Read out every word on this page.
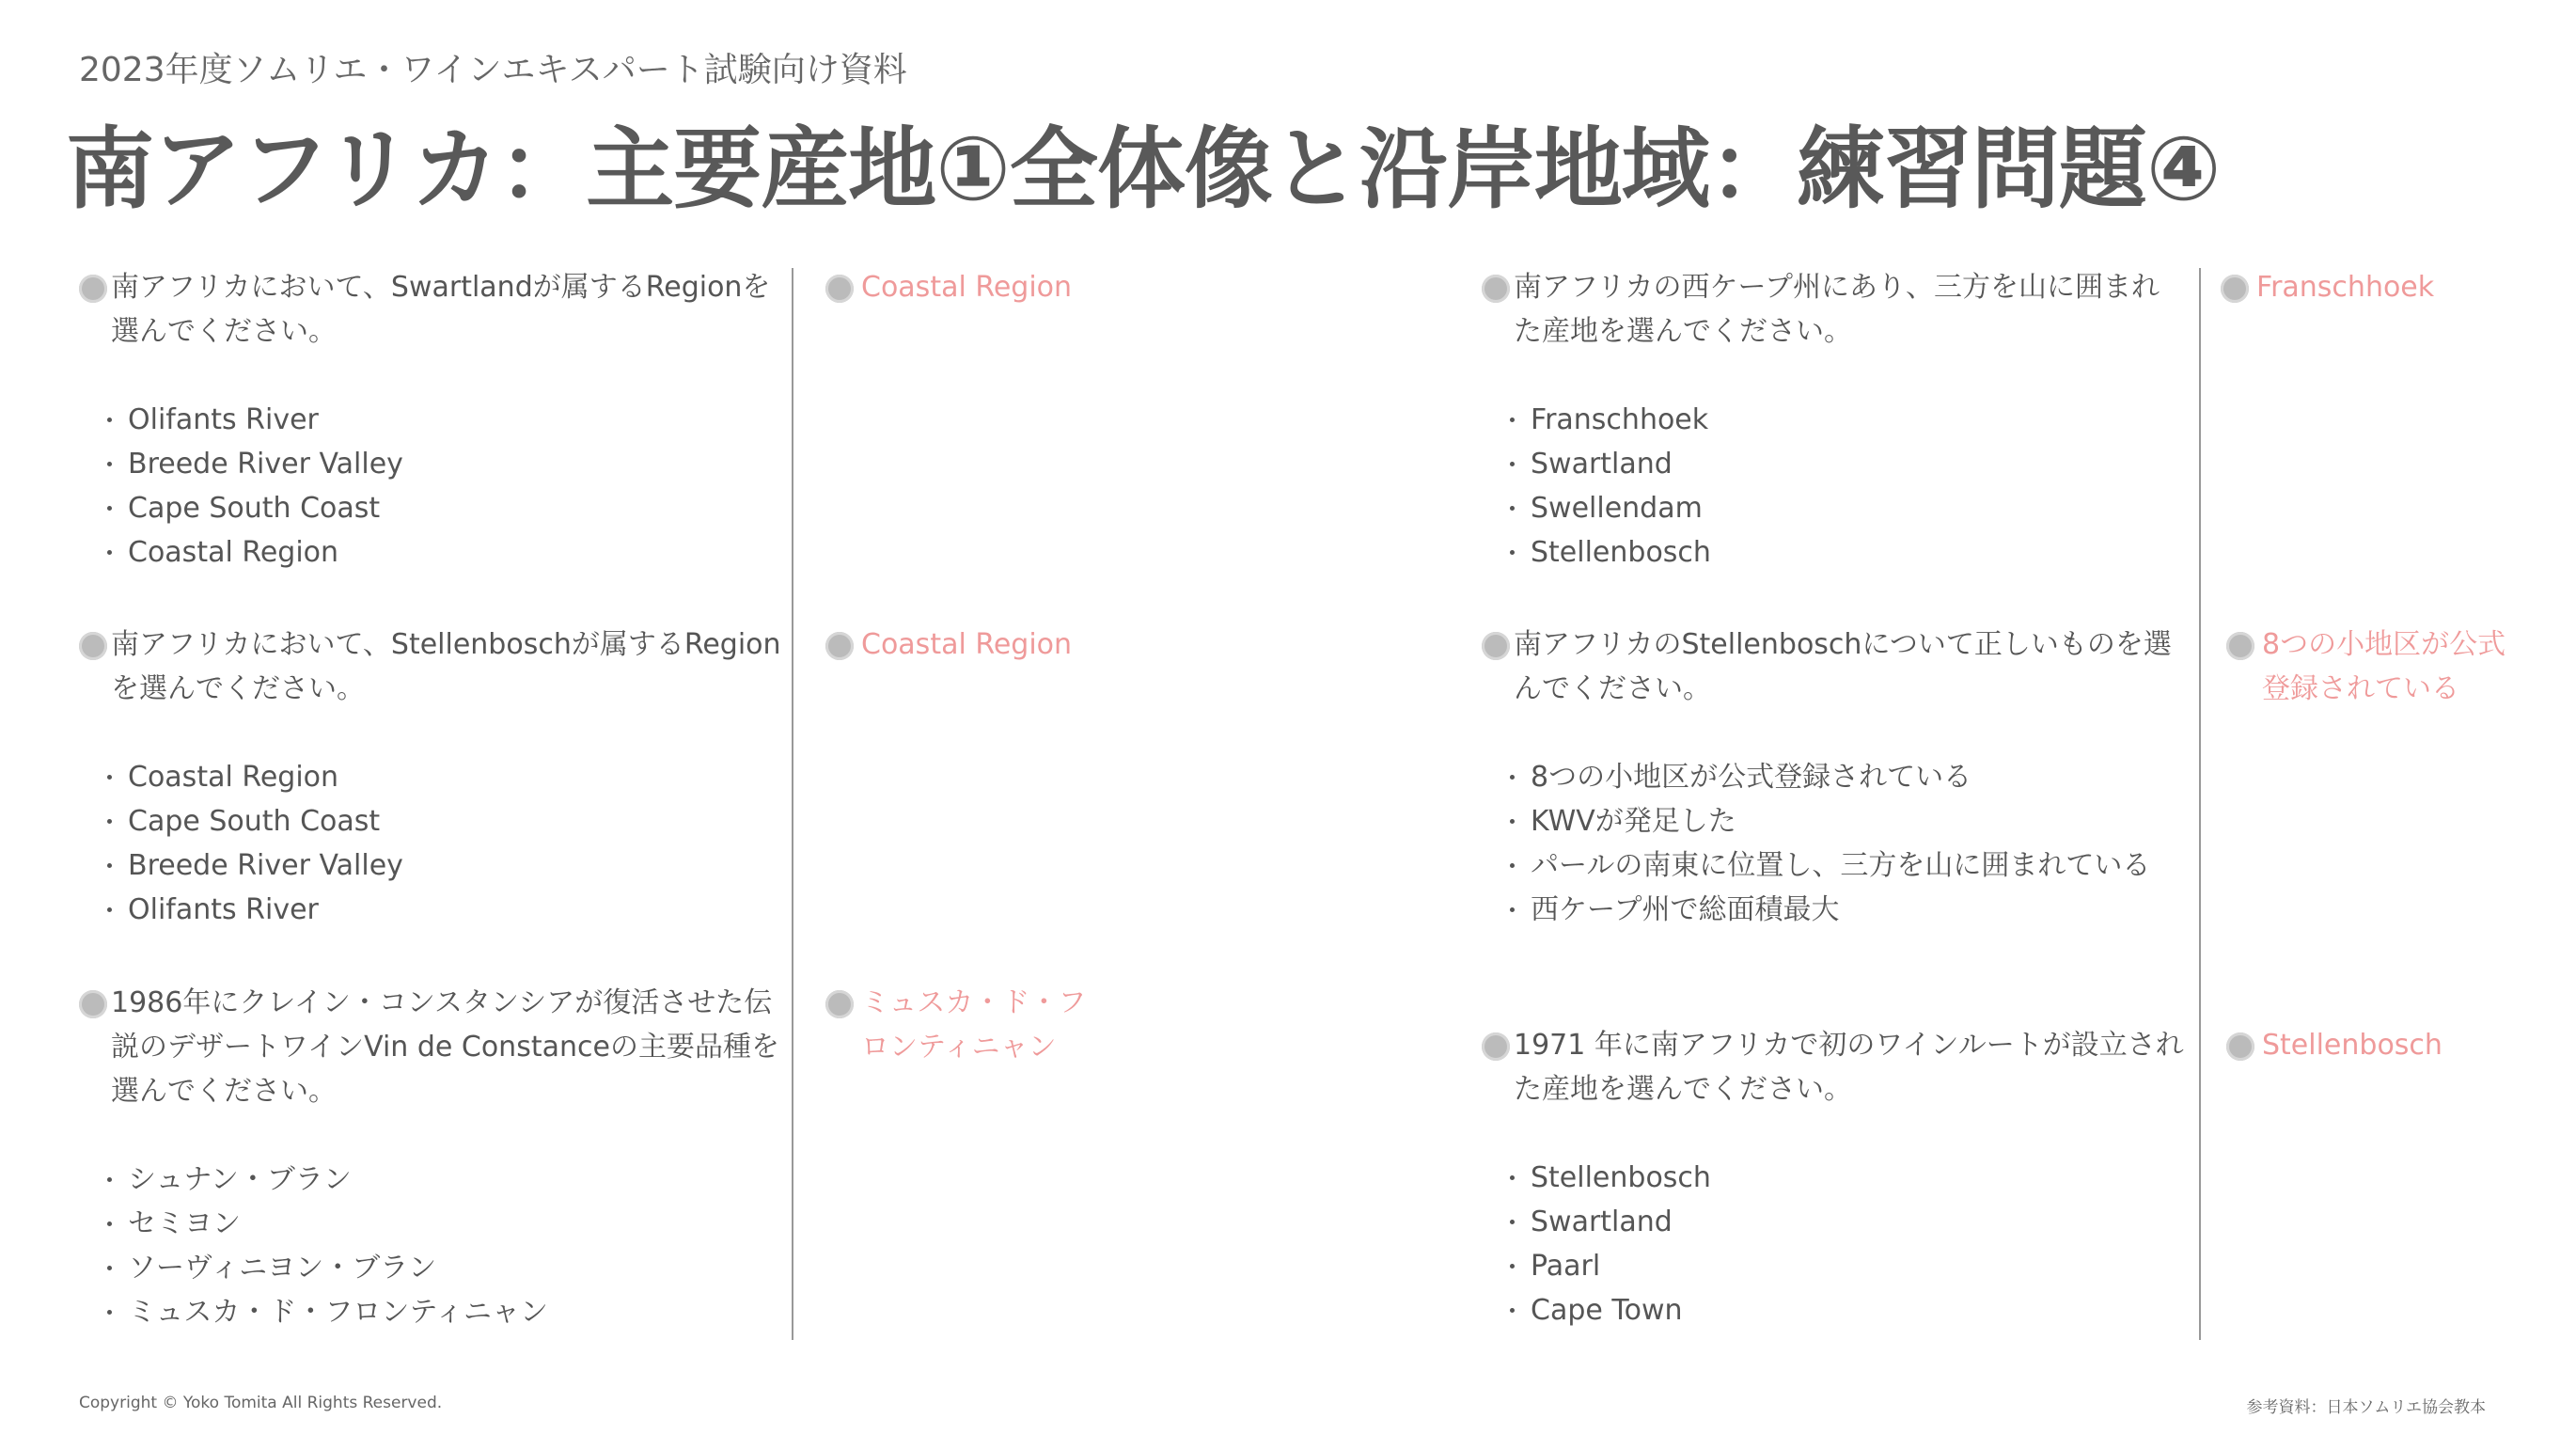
2023年度ソムリエ・ワインエキスパート試験向け資料
南アフリカ：主要産地①全体像と沿岸地域：練習問題④
南アフリカにおいて、Swartlandが属するRegionを選んでください。
Olifants River
Breede River Valley
Cape South Coast
Coastal Region
Coastal Region
南アフリカにおいて、Stellenboschが属するRegionを選んでください。
Coastal Region
Cape South Coast
Breede River Valley
Olifants River
Coastal Region
1986年にクレイン・コンスタンシアが復活させた伝説のデザートワインVin de Constanceの主要品種を選んでください。
シュナン・ブラン
セミヨン
ソーヴィニヨン・ブラン
ミュスカ・ド・フロンティニャン
ミュスカ・ド・フロンティニャン
南アフリカの西ケープ州にあり、三方を山に囲まれた産地を選んでください。
Franschhoek
Swartland
Swellendam
Stellenbosch
Franschhoek
南アフリカのStellenboschについて正しいものを選んでください。
8つの小地区が公式登録されている
KWVが発足した
パールの南東に位置し、三方を山に囲まれている
西ケープ州で総面積最大
8つの小地区が公式登録されている
1971 年に南アフリカで初のワインルートが設立された産地を選んでください。
Stellenbosch
Swartland
Paarl
Cape Town
Stellenbosch
Copyright © Yoko Tomita All Rights Reserved.	参考資料：日本ソムリエ協会教本
